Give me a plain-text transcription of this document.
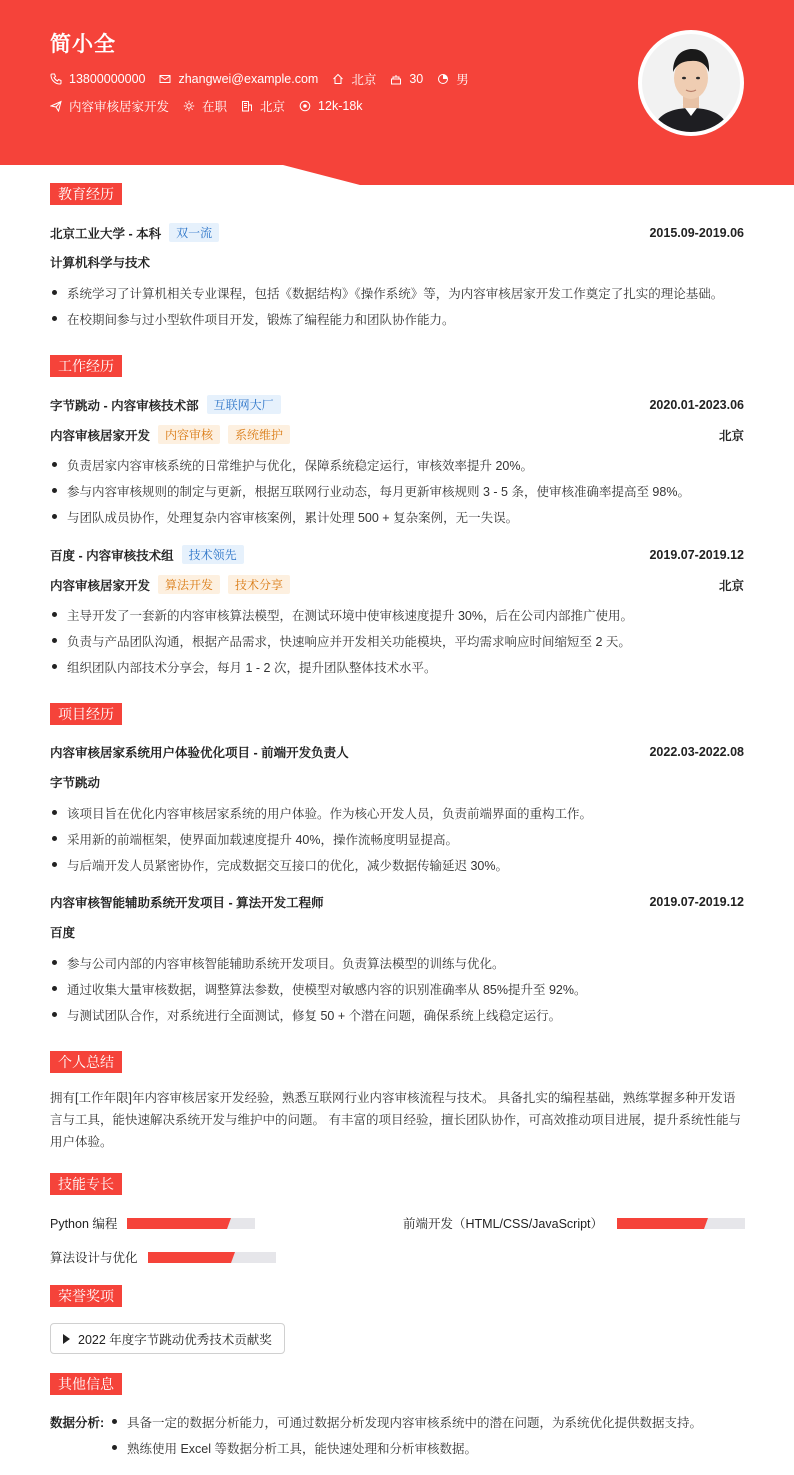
简小全
13800000000	zhangwei@example.com	北京	30	男
内容审核居家开发	在职	北京	12k-18k
教育经历
北京工业大学 - 本科	双一流	2015.09-2019.06
计算机科学与技术
系统学习了计算机相关专业课程，包括《数据结构》《操作系统》等，为内容审核居家开发工作奠定了扎实的理论基础。
在校期间参与过小型软件项目开发，锻炼了编程能力和团队协作能力。
工作经历
字节跳动 - 内容审核技术部	互联网大厂	2020.01-2023.06
内容审核居家开发	内容审核	系统维护	北京
负责居家内容审核系统的日常维护与优化，保障系统稳定运行，审核效率提升 20%。
参与内容审核规则的制定与更新，根据互联网行业动态，每月更新审核规则 3 - 5 条，使审核准确率提高至 98%。
与团队成员协作，处理复杂内容审核案例，累计处理 500 + 复杂案例，无一失误。
百度 - 内容审核技术组	技术领先	2019.07-2019.12
内容审核居家开发	算法开发	技术分享	北京
主导开发了一套新的内容审核算法模型，在测试环境中使审核速度提升 30%，后在公司内部推广使用。
负责与产品团队沟通，根据产品需求，快速响应并开发相关功能模块，平均需求响应时间缩短至 2 天。
组织团队内部技术分享会，每月 1 - 2 次，提升团队整体技术水平。
项目经历
内容审核居家系统用户体验优化项目 - 前端开发负责人	2022.03-2022.08
字节跳动
该项目旨在优化内容审核居家系统的用户体验。作为核心开发人员，负责前端界面的重构工作。
采用新的前端框架，使界面加载速度提升 40%，操作流畅度明显提高。
与后端开发人员紧密协作，完成数据交互接口的优化，减少数据传输延迟 30%。
内容审核智能辅助系统开发项目 - 算法开发工程师	2019.07-2019.12
百度
参与公司内部的内容审核智能辅助系统开发项目。负责算法模型的训练与优化。
通过收集大量审核数据，调整算法参数，使模型对敏感内容的识别准确率从 85%提升至 92%。
与测试团队合作，对系统进行全面测试，修复 50 + 个潜在问题，确保系统上线稳定运行。
个人总结
拥有[工作年限]年内容审核居家开发经验，熟悉互联网行业内容审核流程与技术。 具备扎实的编程基础，熟练掌握多种开发语言与工具，能快速解决系统开发与维护中的问题。 有丰富的项目经验，擅长团队协作，可高效推动项目进展，提升系统性能与用户体验。
技能专长
Python 编程	前端开发（HTML/CSS/JavaScript）
算法设计与优化
荣誉奖项
2022 年度字节跳动优秀技术贡献奖
其他信息
数据分析:	具备一定的数据分析能力，可通过数据分析发现内容审核系统中的潜在问题，为系统优化提供数据支持。
熟练使用 Excel 等数据分析工具，能快速处理和分析审核数据。
